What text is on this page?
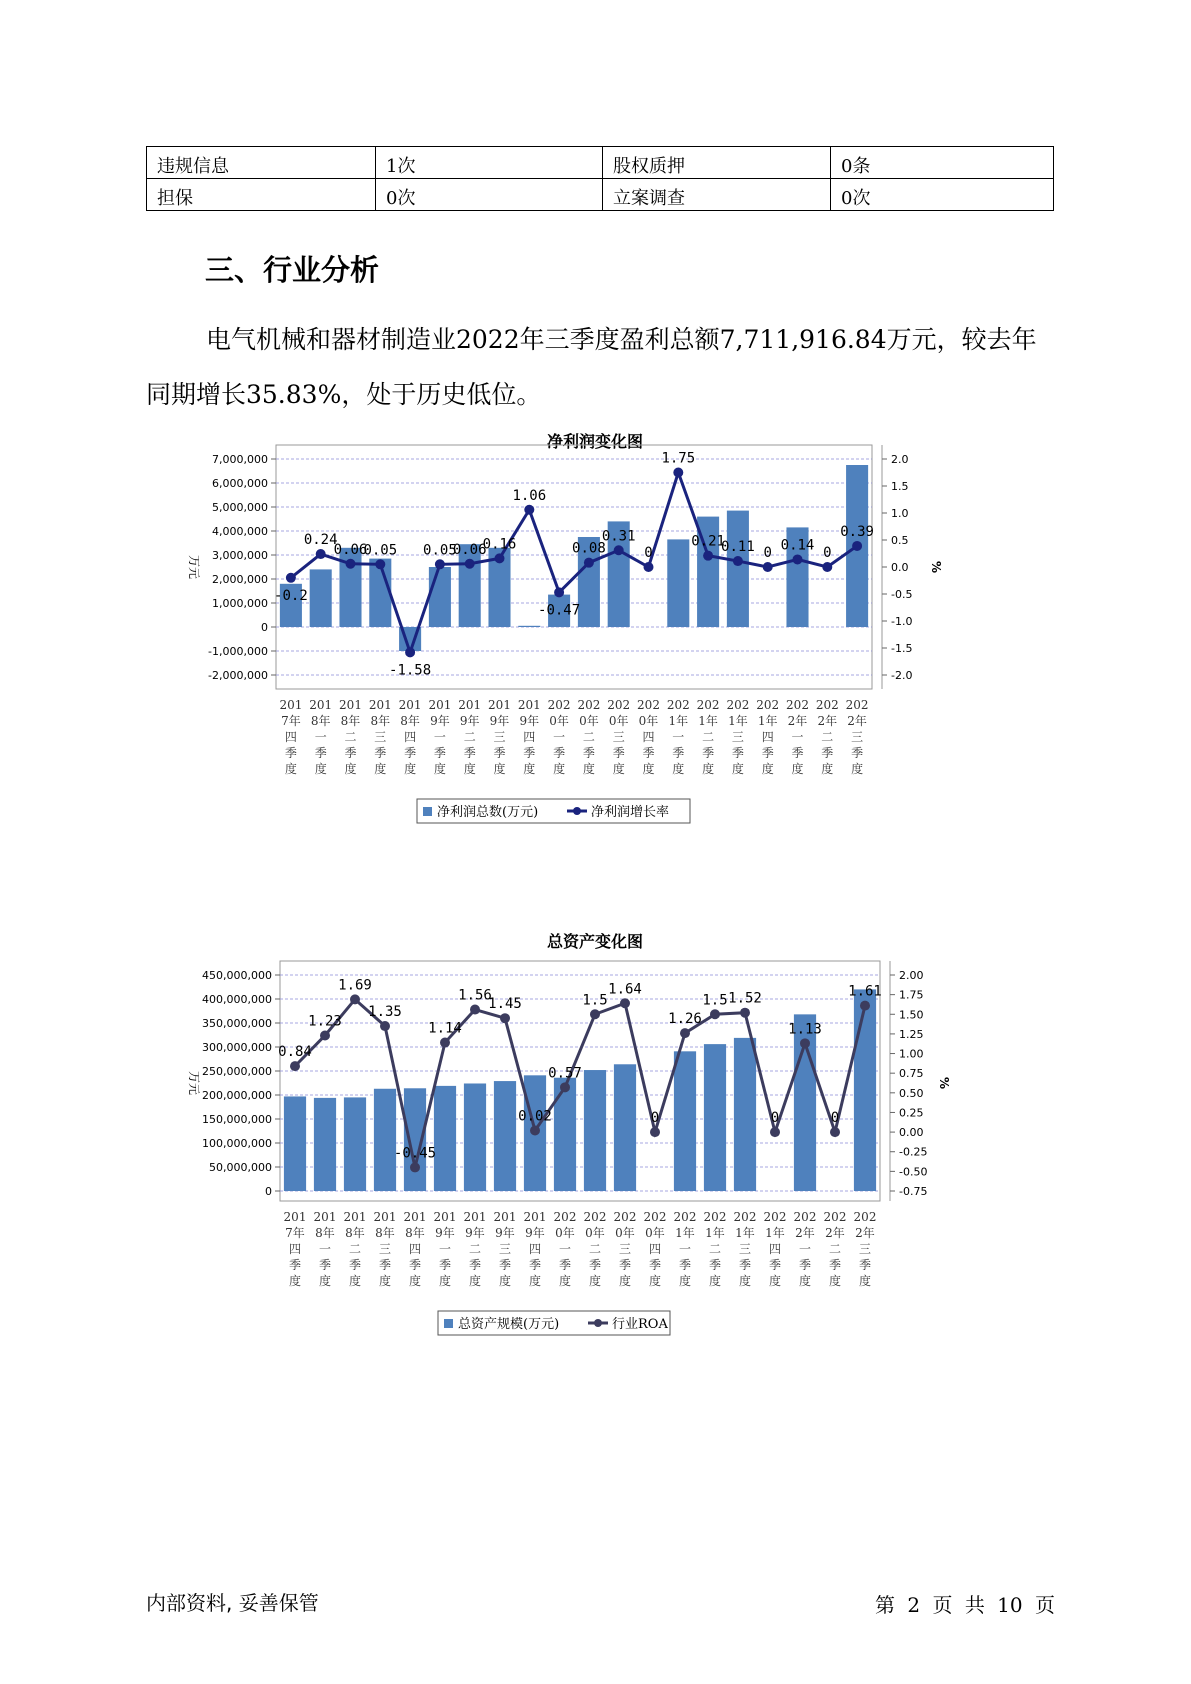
违规信息	1次	股权质押	0条
担保	0次	立案调查	0次
三、行业分析

电气机械和器材制造业2022年三季度盈利总额7,711,916.84万元，较去年同期增长35.83%，处于历史低位。

净利润变化图
7,000,000
6,000,000
5,000,000
4,000,000
3,000,000
2,000,000
1,000,000
0
-1,000,000
-2,000,000
2.0
1.5
1.0
0.5
0.0
-0.5
-1.0
-1.5
-2.0
万元	%
-0.2
0.24
0.06
0.05
-1.58
0.05
0.06
0.16
1.06
-0.47
0.08
0.31
0
1.75
0.21
0.11 0 0.14 0
0.39
201
7年
四
季
度
201
8年
一
季
度
201
8年
二
季
度
201
8年
三
季
度
201
8年
四
季
度
201
9年
一
季
度
201
9年
二
季
度
201
9年
三
季
度
201
9年
四
季
度
202
0年
一
季
度
202
0年
二
季
度
202
0年
三
季
度
202
0年
四
季
度
202
1年
一
季
度
202
1年
二
季
度
202
1年
三
季
度
202
1年
四
季
度
202
2年
一
季
度
202
2年
二
季
度
202
2年
三
季
度
净利润总数(万元)	净利润增长率
总资产变化图
450,000,000
400,000,000
350,000,000
300,000,000
250,000,000
200,000,000
150,000,000
100,000,000
50,000,000
0
2.00
1.75
1.50
1.25
1.00
0.75
0.50
0.25
0.00
-0.25
-0.50
-0.75
万元	%
0.84
1.23
1.69
1.35
-0.45
1.14
1.56
1.45
0.02
0.57
1.5
1.64
0
1.26
1.5 1.52
0
1.13
0
1.61
201
7年
四
季
度
201
8年
一
季
度
201
8年
二
季
度
201
8年
三
季
度
201
8年
四
季
度
201
9年
一
季
度
201
9年
二
季
度
201
9年
三
季
度
201
9年
四
季
度
202
0年
一
季
度
202
0年
二
季
度
202
0年
三
季
度
202
0年
四
季
度
202
1年
一
季
度
202
1年
二
季
度
202
1年
三
季
度
202
1年
四
季
度
202
2年
一
季
度
202
2年
二
季
度
202
2年
三
季
度
总资产规模(万元)	行业ROA
内部资料, 妥善保管	第 2 页 共 10 页
